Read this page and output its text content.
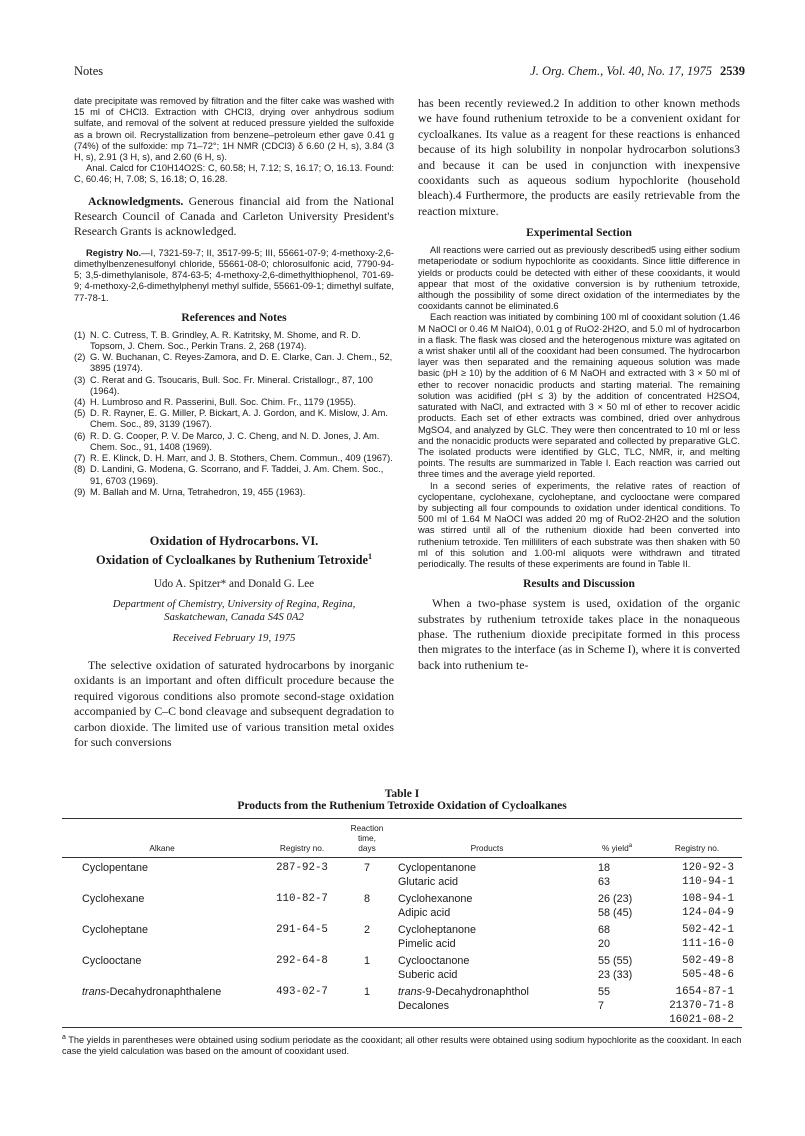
Notes	J. Org. Chem., Vol. 40, No. 17, 1975 2539

date precipitate was removed by filtration and the filter cake was washed with 15 ml of CHCl3. Extraction with CHCl3, drying over anhydrous sodium sulfate, and removal of the solvent at reduced pressure yielded the sulfoxide as a brown oil. Recrystallization from benzene–petroleum ether gave 0.41 g (74%) of the sulfoxide: mp 71–72°; 1H NMR (CDCl3) δ 6.60 (2 H, s), 3.84 (3 H, s), 2.91 (3 H, s), and 2.60 (6 H, s).

Anal. Calcd for C10H14O2S: C, 60.58; H, 7.12; S, 16.17; O, 16.13. Found: C, 60.46; H, 7.08; S, 16.18; O, 16.28.

Acknowledgments. Generous financial aid from the National Research Council of Canada and Carleton University President's Research Grants is acknowledged.

Registry No.—I, 7321-59-7; II, 3517-99-5; III, 55661-07-9; 4-methoxy-2,6-dimethylbenzenesulfonyl chloride, 55661-08-0; chlorosulfonic acid, 7790-94-5; 3,5-dimethylanisole, 874-63-5; 4-methoxy-2,6-dimethylthiophenol, 701-69-9; 4-methoxy-2,6-dimethylphenyl methyl sulfide, 55661-09-1; dimethyl sulfate, 77-78-1.

References and Notes
(1) N. C. Cutress, T. B. Grindley, A. R. Katritsky, M. Shome, and R. D. Topsom, J. Chem. Soc., Perkin Trans. 2, 268 (1974).
(2) G. W. Buchanan, C. Reyes-Zamora, and D. E. Clarke, Can. J. Chem., 52, 3895 (1974).
(3) C. Rerat and G. Tsoucaris, Bull. Soc. Fr. Mineral. Cristallogr., 87, 100 (1964).
(4) H. Lumbroso and R. Passerini, Bull. Soc. Chim. Fr., 1179 (1955).
(5) D. R. Rayner, E. G. Miller, P. Bickart, A. J. Gordon, and K. Mislow, J. Am. Chem. Soc., 89, 3139 (1967).
(6) R. D. G. Cooper, P. V. De Marco, J. C. Cheng, and N. D. Jones, J. Am. Chem. Soc., 91, 1408 (1969).
(7) R. E. Klinck, D. H. Marr, and J. B. Stothers, Chem. Commun., 409 (1967).
(8) D. Landini, G. Modena, G. Scorrano, and F. Taddei, J. Am. Chem. Soc., 91, 6703 (1969).
(9) M. Ballah and M. Urna, Tetrahedron, 19, 455 (1963).
Oxidation of Hydrocarbons. VI.
Oxidation of Cycloalkanes by Ruthenium Tetroxide$^1$
Udo A. Spitzer* and Donald G. Lee
Department of Chemistry, University of Regina, Regina,
Saskatchewan, Canada S4S 0A2
Received February 19, 1975

The selective oxidation of saturated hydrocarbons by inorganic oxidants is an important and often difficult procedure because the required vigorous conditions also promote second-stage oxidation accompanied by C–C bond cleavage and subsequent degradation to carbon dioxide. The limited use of various transition metal oxides for such conversions

has been recently reviewed.2 In addition to other known methods we have found ruthenium tetroxide to be a convenient oxidant for cycloalkanes. Its value as a reagent for these reactions is enhanced because of its high solubility in nonpolar hydrocarbon solutions3 and because it can be used in conjunction with inexpensive cooxidants such as aqueous sodium hypochlorite (household bleach).4 Furthermore, the products are easily retrievable from the reaction mixture.

Experimental Section

All reactions were carried out as previously described5 using either sodium metaperiodate or sodium hypochlorite as cooxidants. Since little difference in yields or products could be detected with either of these cooxidants, it would appear that most of the oxidative conversion is by ruthenium tetroxide, although the possibility of some direct oxidation of the intermediates by the cooxidants cannot be eliminated.6

Each reaction was initiated by combining 100 ml of cooxidant solution (1.46 M NaOCl or 0.46 M NaIO4), 0.01 g of RuO2·2H2O, and 5.0 ml of hydrocarbon in a flask. The flask was closed and the heterogenous mixture was agitated on a wrist shaker until all of the cooxidant had been consumed. The hydrocarbon layer was then separated and the remaining aqueous solution was made basic (pH ≥ 10) by the addition of 6 M NaOH and extracted with 3 × 50 ml of ether to recover nonacidic products and starting material. The remaining solution was acidified (pH ≤ 3) by the addition of concentrated H2SO4, saturated with NaCl, and extracted with 3 × 50 ml of ether to recover acidic products. Each set of ether extracts was combined, dried over anhydrous MgSO4, and analyzed by GLC. They were then concentrated to 10 ml or less and the nonacidic products were separated and collected by preparative GLC. The isolated products were identified by GLC, TLC, NMR, ir, and melting points. The results are summarized in Table I. Each reaction was carried out three times and the average yield reported.

In a second series of experiments, the relative rates of reaction of cyclopentane, cyclohexane, cycloheptane, and cyclooctane were compared by subjecting all four compounds to oxidation under identical conditions. To 500 ml of 1.64 M NaOCl was added 20 mg of RuO2·2H2O and the solution was stirred until all of the ruthenium dioxide had been converted into ruthenium tetroxide. Ten milliliters of each substrate was then shaken with 50 ml of this solution and 1.00-ml aliquots were withdrawn and titrated periodically. The results of these experiments are found in Table II.

Results and Discussion

When a two-phase system is used, oxidation of the organic substrates by ruthenium tetroxide takes place in the nonaqueous phase. The ruthenium dioxide precipitate formed in this process then migrates to the interface (as in Scheme I), where it is converted back into ruthenium te-

Table I
Products from the Ruthenium Tetroxide Oxidation of Cycloalkanes
Alkane	Registry no.	Reaction
time,
days	Products	% yield$^a$	Registry no.
Cyclopentane	287-92-3	7	Cyclopentanone	18	120-92-3
			Glutaric acid	63	110-94-1
Cyclohexane	110-82-7	8	Cyclohexanone	26 (23)	108-94-1
			Adipic acid	58 (45)	124-04-9
Cycloheptane	291-64-5	2	Cycloheptanone	68	502-42-1
			Pimelic acid	20	111-16-0
Cyclooctane	292-64-8	1	Cyclooctanone	55 (55)	502-49-8
			Suberic acid	23 (33)	505-48-6
trans-Decahydronaphthalene	493-02-7	1	trans-9-Decahydronaphthol	55	1654-87-1
			Decalones	7	21370-71-8
					16021-08-2
$^a$ The yields in parentheses were obtained using sodium periodate as the cooxidant; all other results were obtained using sodium hypochlorite as the cooxidant. In each case the yield calculation was based on the amount of cooxidant used.
